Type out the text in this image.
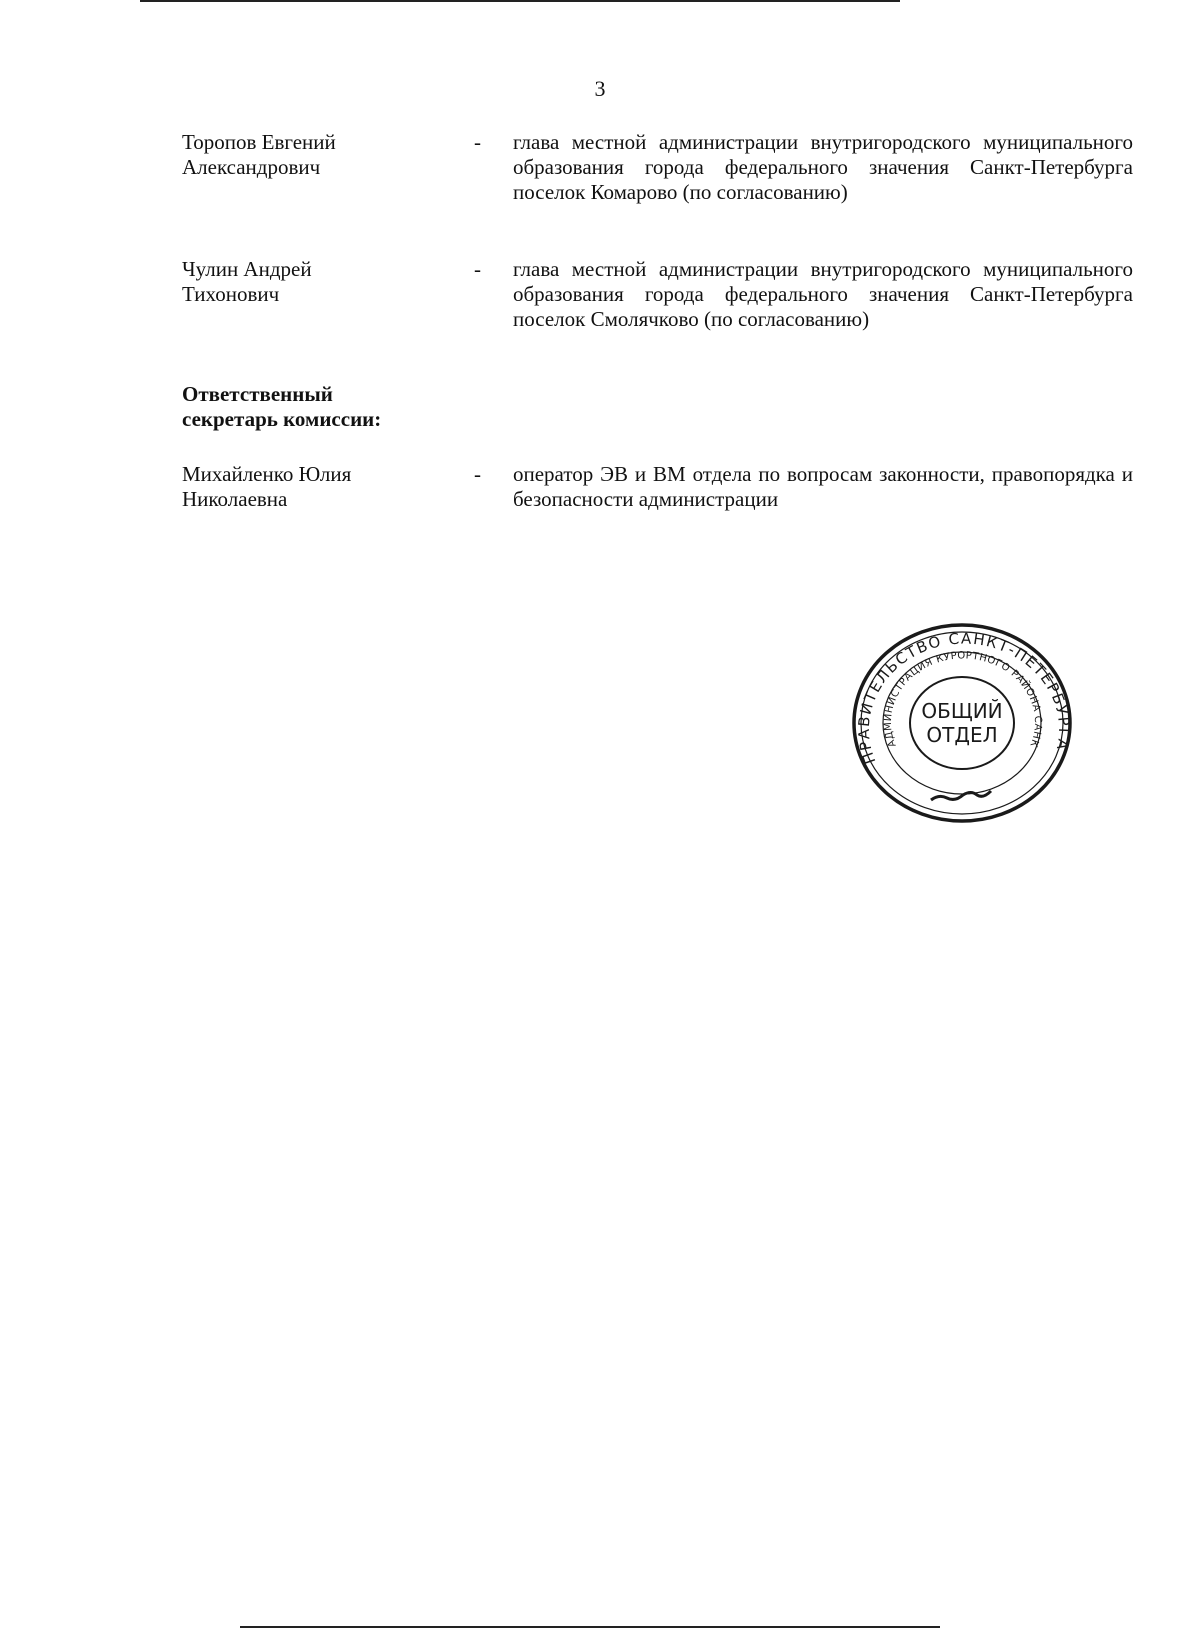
3
Торопов Евгений
Александрович
- глава местной администрации внутригородского муниципального образования города федерального значения Санкт-Петербурга поселок Комарово (по согласованию)
Чулин Андрей
Тихонович
- глава местной администрации внутригородского муниципального образования города федерального значения Санкт-Петербурга поселок Смолячково (по согласованию)
Ответственный
секретарь комиссии:
Михайленко Юлия
Николаевна
- оператор ЭВ и ВМ отдела по вопросам законности, правопорядка и безопасности администрации
ПРАВИТЕЛЬСТВО САНКТ-ПЕТЕРБУРГА
АДМИНИСТРАЦИЯ КУРОРТНОГО РАЙОНА САНК
ОБЩИЙ
ОТДЕЛ
